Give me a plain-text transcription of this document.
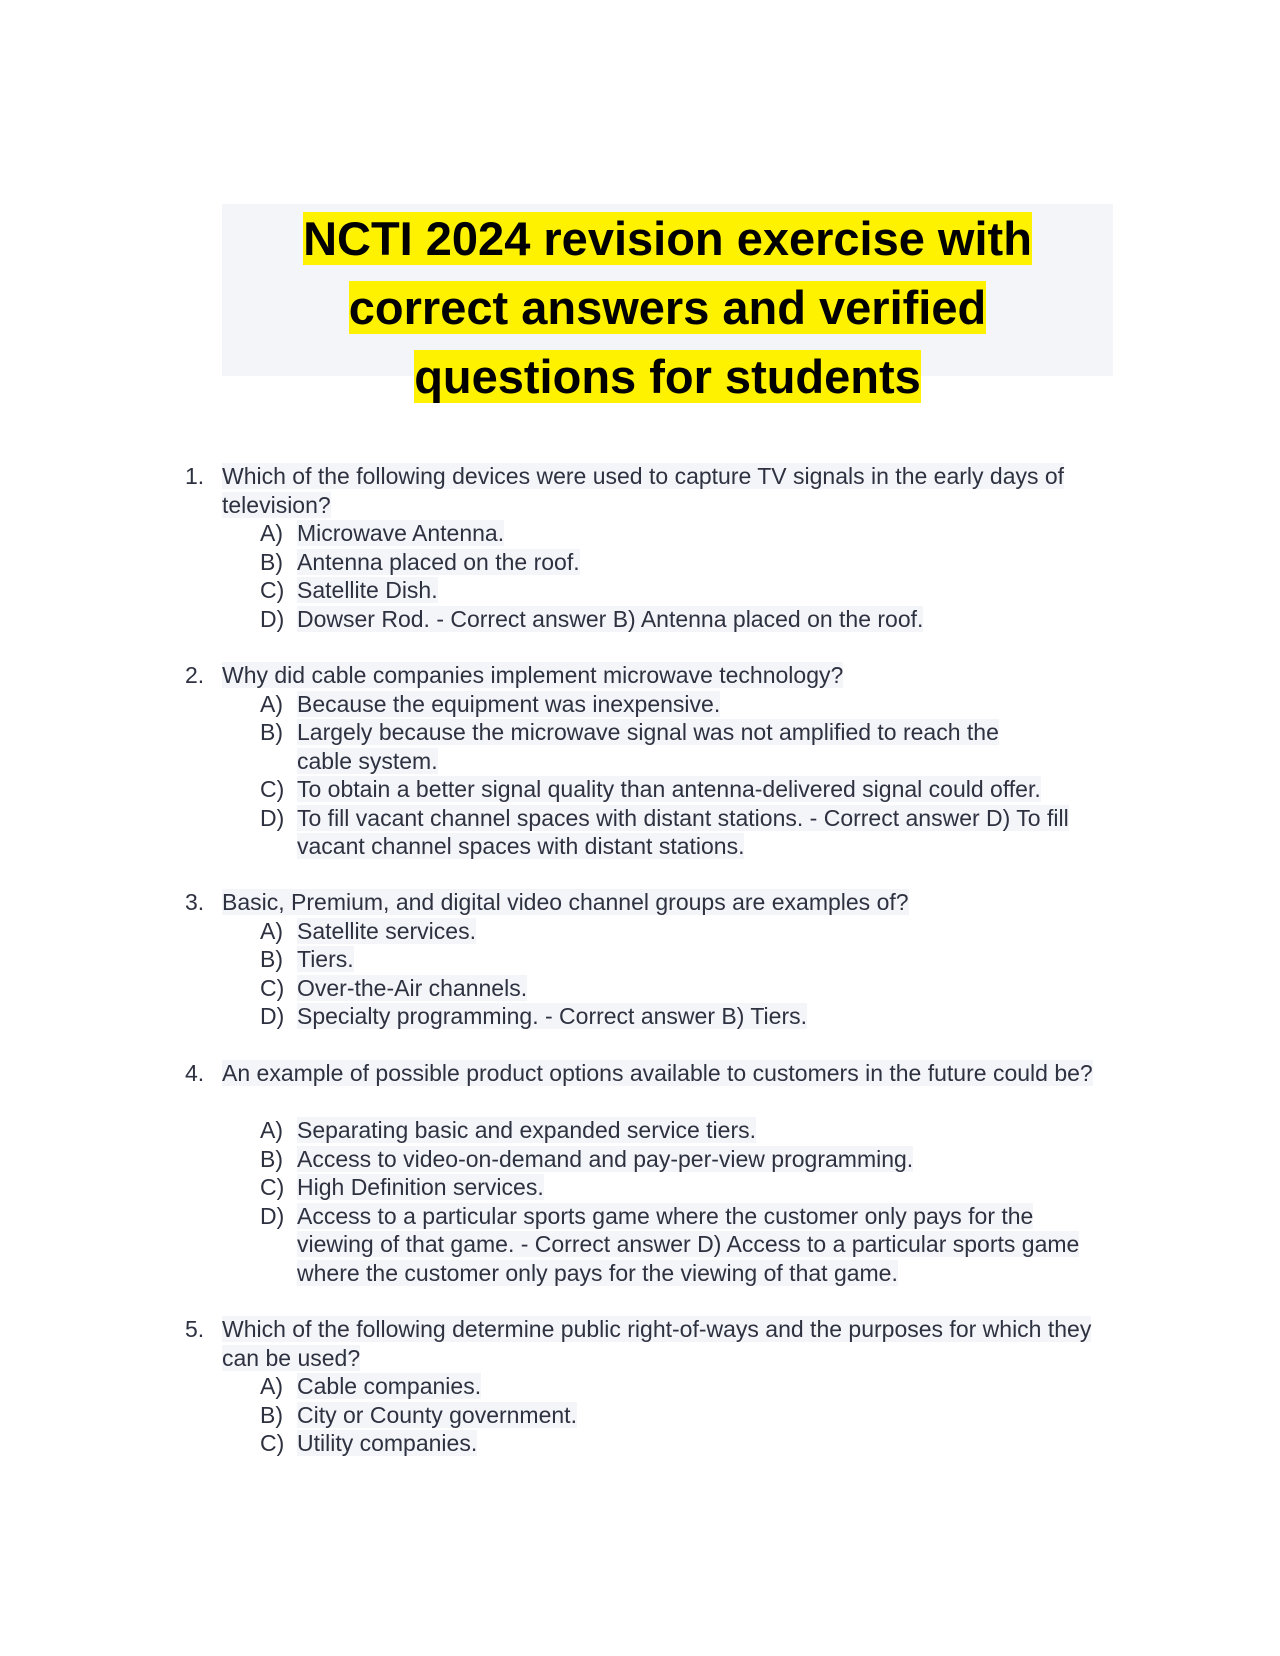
NCTI 2024 revision exercise with
correct answers and verified
questions for students
1. Which of the following devices were used to capture TV signals in the early days of television?
A) Microwave Antenna.
B) Antenna placed on the roof.
C) Satellite Dish.
D) Dowser Rod. - Correct answer B) Antenna placed on the roof.
2. Why did cable companies implement microwave technology?
A) Because the equipment was inexpensive.
B) Largely because the microwave signal was not amplified to reach the cable system.
C) To obtain a better signal quality than antenna-delivered signal could offer.
D) To fill vacant channel spaces with distant stations. - Correct answer D) To fill vacant channel spaces with distant stations.
3. Basic, Premium, and digital video channel groups are examples of?
A) Satellite services.
B) Tiers.
C) Over-the-Air channels.
D) Specialty programming. - Correct answer B) Tiers.
4. An example of possible product options available to customers in the future could be?
A) Separating basic and expanded service tiers.
B) Access to video-on-demand and pay-per-view programming.
C) High Definition services.
D) Access to a particular sports game where the customer only pays for the viewing of that game. - Correct answer D) Access to a particular sports game where the customer only pays for the viewing of that game.
5. Which of the following determine public right-of-ways and the purposes for which they can be used?
A) Cable companies.
B) City or County government.
C) Utility companies.
